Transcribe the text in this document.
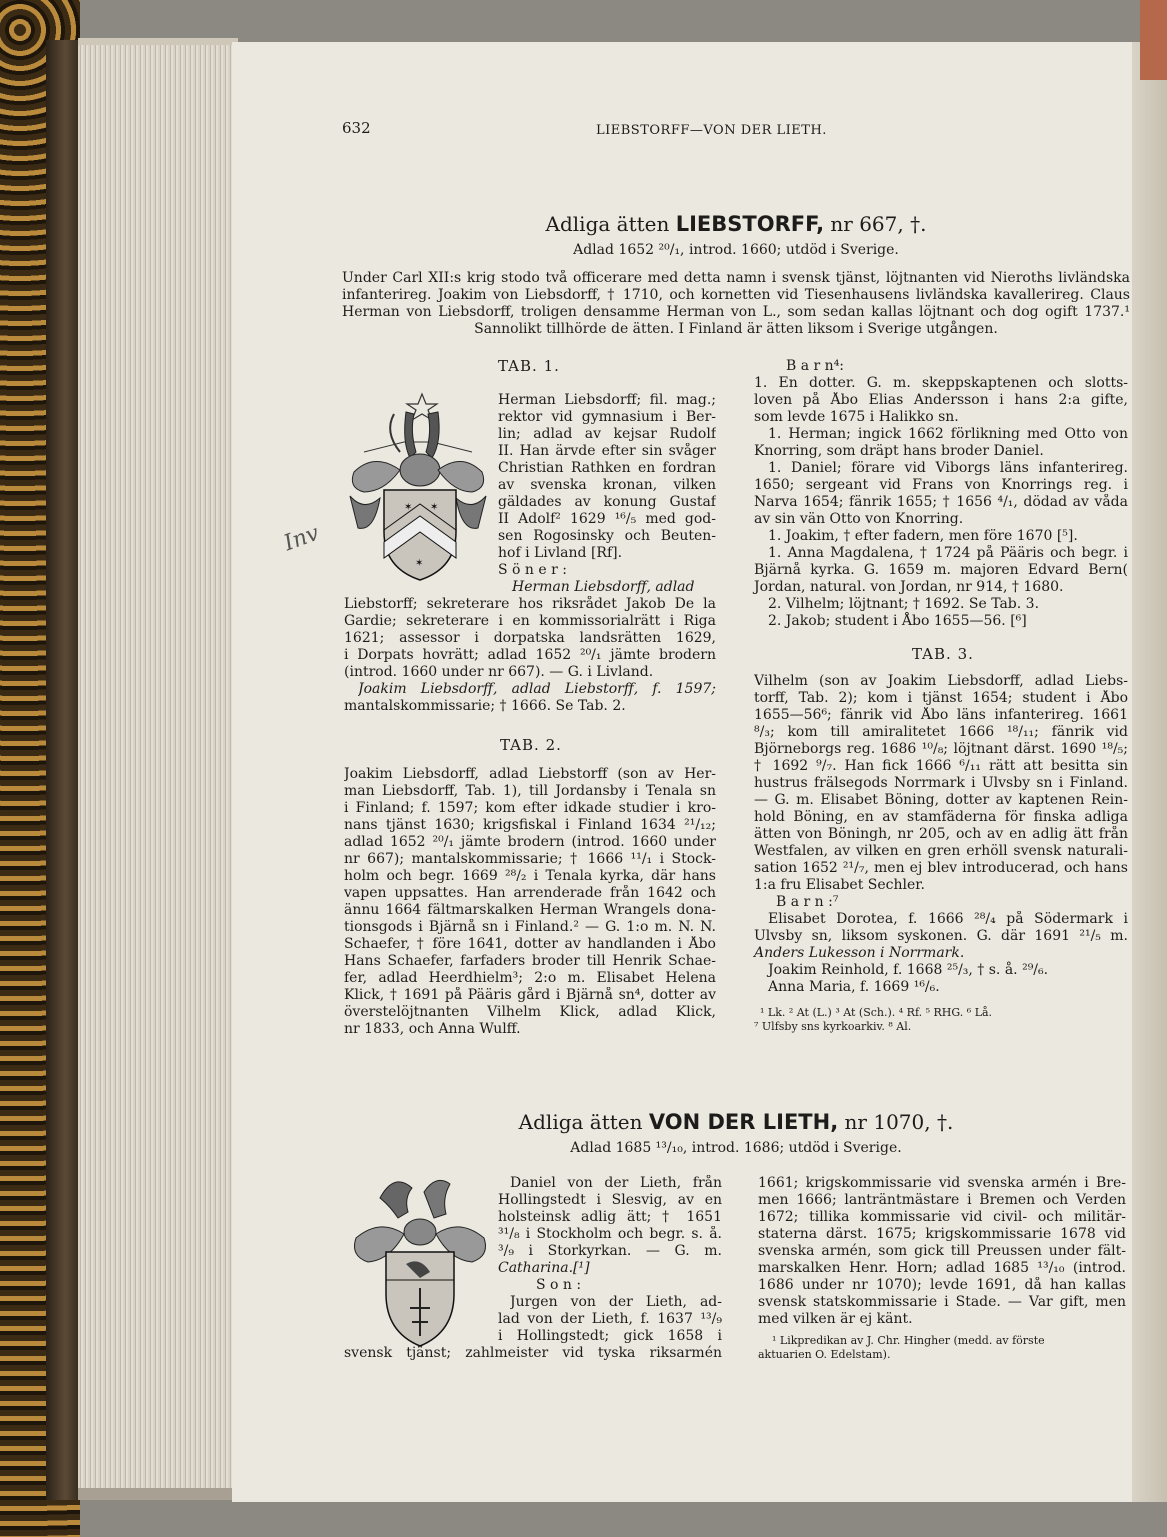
Inv
632	LIEBSTORFF—VON DER LIETH.
Adliga ätten LIEBSTORFF, nr 667, †.
Adlad 1652 ²⁰/₁, introd. 1660; utdöd i Sverige.
Under Carl XII:s krig stodo två officerare med detta namn i svensk tjänst, löjtnanten vid Nieroths livländska
infanterireg. Joakim von Liebsdorff, † 1710, och kornetten vid Tiesenhausens livländska kavallerireg. Claus
Herman von Liebsdorff, troligen densamme Herman von L., som sedan kallas löjtnant och dog ogift 1737.¹
Sannolikt tillhörde de ätten. I Finland är ätten liksom i Sverige utgången.
TAB. 1.
✶ ✶
✶
Herman Liebsdorff; fil. mag.;
rektor vid gymnasium i Ber-
lin; adlad av kejsar Rudolf
II. Han ärvde efter sin svåger
Christian Rathken en fordran
av svenska kronan, vilken
gäldades av konung Gustaf
II Adolf² 1629 ¹⁶/₅ med god-
sen Rogosinsky och Beuten-
hof i Livland [Rf].
S ö n e r :
Herman Liebsdorff, adlad
Liebstorff; sekreterare hos riksrådet Jakob De la
Gardie; sekreterare i en kommissorialrätt i Riga
1621; assessor i dorpatska landsrätten 1629,
i Dorpats hovrätt; adlad 1652 ²⁰/₁ jämte brodern
(introd. 1660 under nr 667). — G. i Livland.
Joakim Liebsdorff, adlad Liebstorff, f. 1597;
mantalskommissarie; † 1666. Se Tab. 2.
TAB. 2.
Joakim Liebsdorff, adlad Liebstorff (son av Her-
man Liebsdorff, Tab. 1), till Jordansby i Tenala sn
i Finland; f. 1597; kom efter idkade studier i kro-
nans tjänst 1630; krigsfiskal i Finland 1634 ²¹/₁₂;
adlad 1652 ²⁰/₁ jämte brodern (introd. 1660 under
nr 667); mantalskommissarie; † 1666 ¹¹/₁ i Stock-
holm och begr. 1669 ²⁸/₂ i Tenala kyrka, där hans
vapen uppsattes. Han arrenderade från 1642 och
ännu 1664 fältmarskalken Herman Wrangels dona-
tionsgods i Bjärnå sn i Finland.² — G. 1:o m. N. N.
Schaefer, † före 1641, dotter av handlanden i Åbo
Hans Schaefer, farfaders broder till Henrik Schae-
fer, adlad Heerdhielm³; 2:o m. Elisabet Helena
Klick, † 1691 på Pääris gård i Bjärnå sn⁴, dotter av
överstelöjtnanten Vilhelm Klick, adlad Klick,
nr 1833, och Anna Wulff.
B a r n⁴:
1. En dotter. G. m. skeppskaptenen och slotts-
loven på Åbo Elias Andersson i hans 2:a gifte,
som levde 1675 i Halikko sn.
1. Herman; ingick 1662 förlikning med Otto von
Knorring, som dräpt hans broder Daniel.
1. Daniel; förare vid Viborgs läns infanterireg.
1650; sergeant vid Frans von Knorrings reg. i
Narva 1654; fänrik 1655; † 1656 ⁴/₁, dödad av våda
av sin vän Otto von Knorring.
1. Joakim, † efter fadern, men före 1670 [⁵].
1. Anna Magdalena, † 1724 på Pääris och begr. i
Bjärnå kyrka. G. 1659 m. majoren Edvard Bern(
Jordan, natural. von Jordan, nr 914, † 1680.
2. Vilhelm; löjtnant; † 1692. Se Tab. 3.
2. Jakob; student i Åbo 1655—56. [⁶]
TAB. 3.
Vilhelm (son av Joakim Liebsdorff, adlad Liebs-
torff, Tab. 2); kom i tjänst 1654; student i Åbo
1655—56⁶; fänrik vid Åbo läns infanterireg. 1661
⁸/₃; kom till amiralitetet 1666 ¹⁸/₁₁; fänrik vid
Björneborgs reg. 1686 ¹⁰/₈; löjtnant därst. 1690 ¹⁸/₅;
† 1692 ⁹/₇. Han fick 1666 ⁶/₁₁ rätt att besitta sin
hustrus frälsegods Norrmark i Ulvsby sn i Finland.
— G. m. Elisabet Böning, dotter av kaptenen Rein-
hold Böning, en av stamfäderna för finska adliga
ätten von Böningh, nr 205, och av en adlig ätt från
Westfalen, av vilken en gren erhöll svensk naturali-
sation 1652 ²¹/₇, men ej blev introducerad, och hans
1:a fru Elisabet Sechler.
B a r n :⁷
Elisabet Dorotea, f. 1666 ²⁸/₄ på Södermark i
Ulvsby sn, liksom syskonen. G. där 1691 ²¹/₅ m.
Anders Lukesson i Norrmark.
Joakim Reinhold, f. 1668 ²⁵/₃, † s. å. ²⁹/₆.
Anna Maria, f. 1669 ¹⁶/₆.
¹ Lk. ² At (L.) ³ At (Sch.). ⁴ Rf. ⁵ RHG. ⁶ Lå.
⁷ Ulfsby sns kyrkoarkiv. ⁸ Al.
Adliga ätten VON DER LIETH, nr 1070, †.
Adlad 1685 ¹³/₁₀, introd. 1686; utdöd i Sverige.
Daniel von der Lieth, från
Hollingstedt i Slesvig, av en
holsteinsk adlig ätt; † 1651
³¹/₈ i Stockholm och begr. s. å.
³/₉ i Storkyrkan. — G. m.
Catharina.[¹]
S o n :
Jurgen von der Lieth, ad-
lad von der Lieth, f. 1637 ¹³/₉
i Hollingstedt; gick 1658 i
svensk tjänst; zahlmeister vid tyska riksarmén
1661; krigskommissarie vid svenska armén i Bre-
men 1666; lanträntmästare i Bremen och Verden
1672; tillika kommissarie vid civil- och militär-
staterna därst. 1675; krigskommissarie 1678 vid
svenska armén, som gick till Preussen under fält-
marskalken Henr. Horn; adlad 1685 ¹³/₁₀ (introd.
1686 under nr 1070); levde 1691, då han kallas
svensk statskommissarie i Stade. — Var gift, men
med vilken är ej känt.
¹ Likpredikan av J. Chr. Hingher (medd. av förste
aktuarien O. Edelstam).
